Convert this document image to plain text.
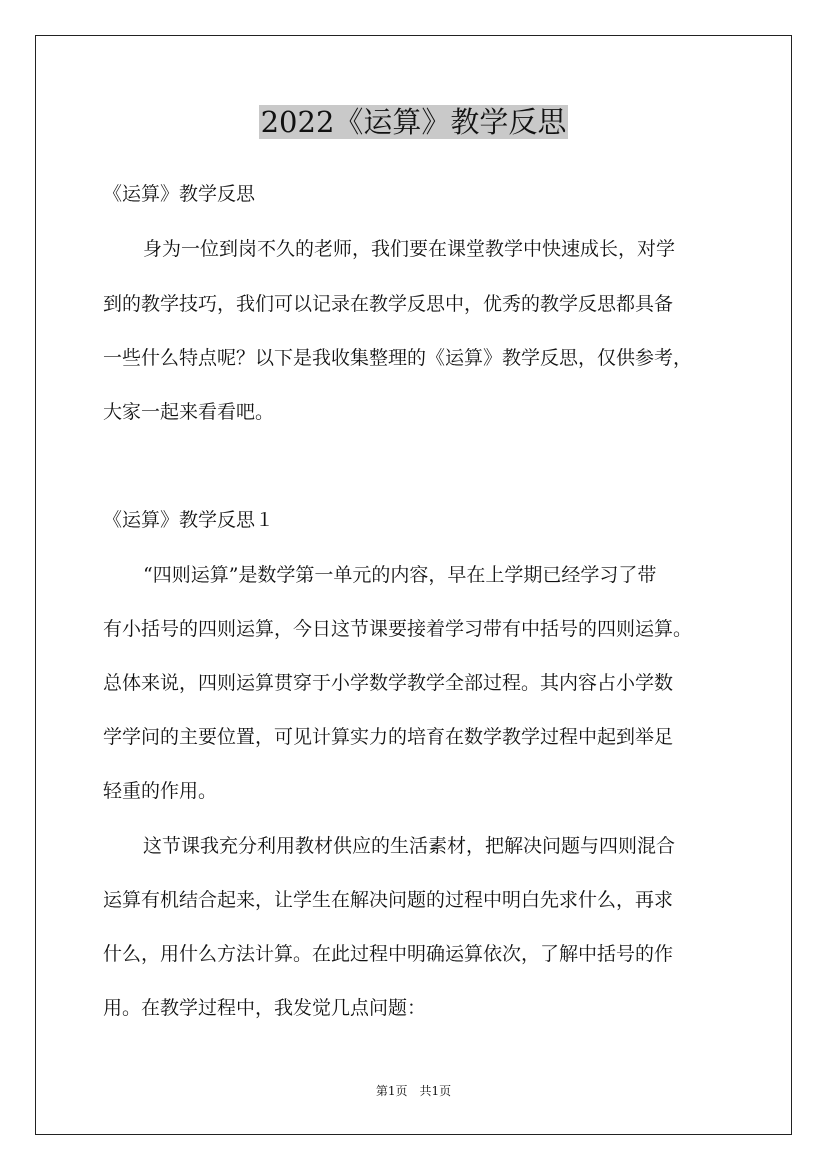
2022《运算》教学反思
《运算》教学反思
身为一位到岗不久的老师，我们要在课堂教学中快速成长，对学
到的教学技巧，我们可以记录在教学反思中，优秀的教学反思都具备
一些什么特点呢？以下是我收集整理的《运算》教学反思，仅供参考，
大家一起来看看吧。
《运算》教学反思１
“四则运算”是数学第一单元的内容，早在上学期已经学习了带
有小括号的四则运算，今日这节课要接着学习带有中括号的四则运算。
总体来说，四则运算贯穿于小学数学教学全部过程。其内容占小学数
学学问的主要位置，可见计算实力的培育在数学教学过程中起到举足
轻重的作用。
这节课我充分利用教材供应的生活素材，把解决问题与四则混合
运算有机结合起来，让学生在解决问题的过程中明白先求什么，再求
什么，用什么方法计算。在此过程中明确运算依次，了解中括号的作
用。在教学过程中，我发觉几点问题：
第1页　共1页
